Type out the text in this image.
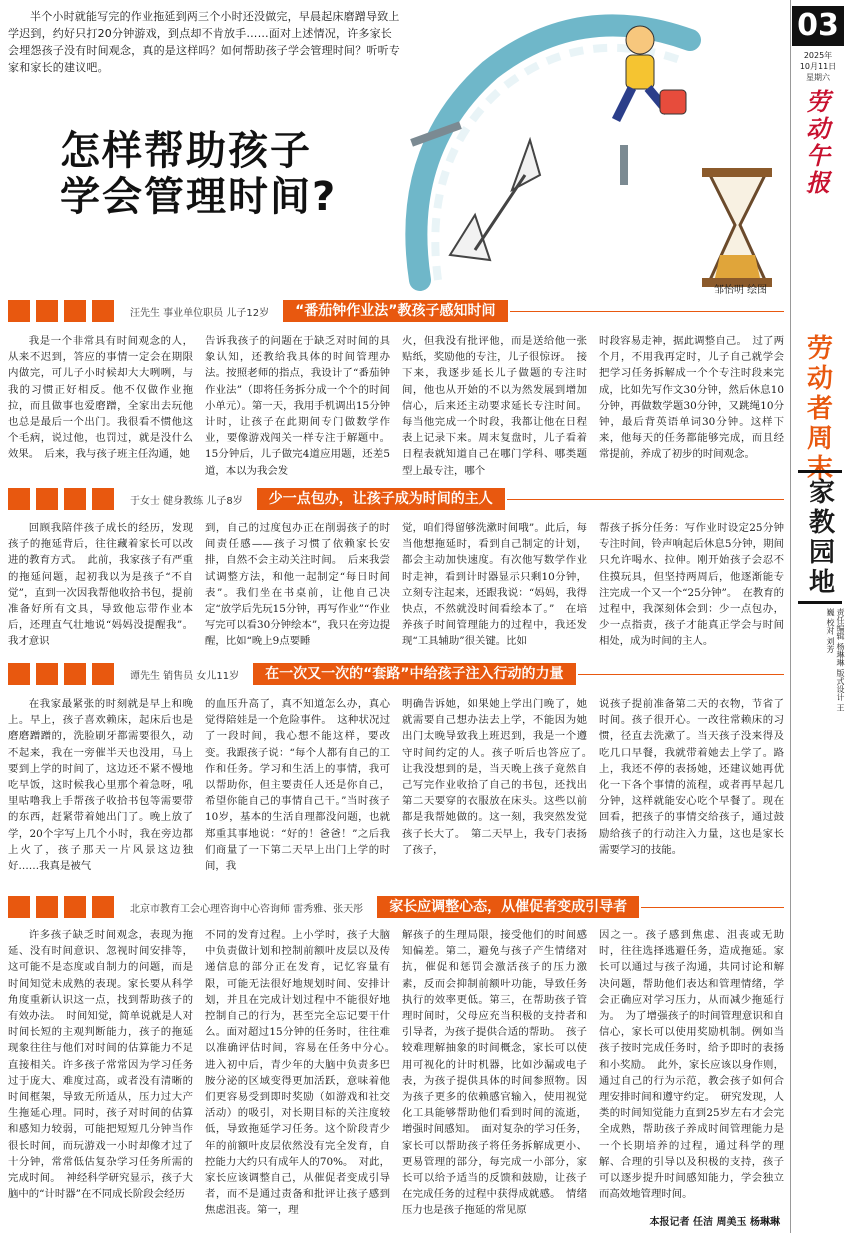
半个小时就能写完的作业拖延到两三个小时还没做完，早晨起床磨蹭导致上学迟到，约好只打20分钟游戏，到点却不肯放手……面对上述情况，许多家长会埋怨孩子没有时间观念，真的是这样吗？如何帮助孩子学会管理时间？听听专家和家长的建议吧。
怎样帮助孩子
学会管理时间?
邹怡明 绘图
03
2025年
10月11日
星期六
劳动午报
劳动者周末
家教园地
责任编辑 杨琳琳 版式设计 王巍 校对 刘芳
汪先生 事业单位职员 儿子12岁	“番茄钟作业法”教孩子感知时间

我是一个非常具有时间观念的人，从来不迟到，答应的事情一定会在期限内做完，可儿子小时候却大大咧咧，与我的习惯正好相反。他不仅做作业拖拉，而且做事也爱磨蹭，全家出去玩他也总是最后一个出门。我很看不惯他这个毛病，说过他，也罚过，就是没什么效果。　后来，我与孩子班主任沟通，她

告诉我孩子的问题在于缺乏对时间的具象认知，还教给我具体的时间管理办法。按照老师的指点，我设计了“番茄钟作业法”（即将任务拆分成一个个的时间小单元）。第一天，我用手机调出15分钟计时，让孩子在此期间专门做数学作业，要像游戏闯关一样专注于解题中。15分钟后，儿子做完4道应用题，还差5道，本以为我会发

火，但我没有批评他，而是送给他一张贴纸，奖励他的专注，儿子很惊讶。　接下来，我逐步延长儿子做题的专注时间，他也从开始的不以为然发展到增加信心，后来还主动要求延长专注时间。每当他完成一个时段，我都让他在日程表上记录下来。周末复盘时，儿子看着日程表就知道自己在哪门学科、哪类题型上最专注，哪个

时段容易走神，据此调整自己。　过了两个月，不用我再定时，儿子自己就学会把学习任务拆解成一个个专注时段来完成，比如先写作文30分钟，然后休息10分钟，再做数学题30分钟，又跳绳10分钟，最后背英语单词30分钟。这样下来，他每天的任务都能够完成，而且经常提前，养成了初步的时间观念。

于女士 健身教练 儿子8岁	少一点包办，让孩子成为时间的主人

回顾我陪伴孩子成长的经历，发现孩子的拖延背后，往往藏着家长可以改进的教育方式。　此前，我家孩子有严重的拖延问题，起初我以为是孩子“不自觉”，直到一次因我帮他收拾书包，提前准备好所有文具，导致他忘带作业本后，还理直气壮地说“妈妈没提醒我”。我才意识

到，自己的过度包办正在削弱孩子的时间责任感——孩子习惯了依赖家长安排，自然不会主动关注时间。　后来我尝试调整方法，和他一起制定“每日时间表”。我们坐在书桌前，让他自己决定“放学后先玩15分钟，再写作业”“作业写完可以看30分钟绘本”，我只在旁边提醒，比如“晚上9点要睡

觉，咱们得留够洗漱时间哦”。此后，每当他想拖延时，看到自己制定的计划，都会主动加快速度。有次他写数学作业时走神，看到计时器显示只剩10分钟，立刻专注起来，还跟我说：“妈妈，我得快点，不然就没时间看绘本了。”　在培养孩子时间管理能力的过程中，我还发现“工具辅助”很关键。比如

帮孩子拆分任务：写作业时设定25分钟专注时间，铃声响起后休息5分钟，期间只允许喝水、拉伸。刚开始孩子会忍不住摸玩具，但坚持两周后，他逐渐能专注完成一个又一个“25分钟”。　在教育的过程中，我深刻体会到：少一点包办，少一点指责，孩子才能真正学会与时间相处，成为时间的主人。

谭先生 销售员 女儿11岁	在一次又一次的“套路”中给孩子注入行动的力量

在我家最紧张的时刻就是早上和晚上。早上，孩子喜欢赖床，起床后也是磨磨蹭蹭的，洗脸刷牙都需要很久，动不起来，我在一旁催半天也没用，马上要到上学的时间了，这边还不紧不慢地吃早饭，这时候我心里那个着急呀，吼里咕噜我上手帮孩子收拾书包等需要带的东西，赶紧带着她出门了。晚上放了学，20个字写上几个小时，我在旁边都上火了，孩子那天一片风景这边独好……我真是被气

的血压升高了，真不知道怎么办，真心觉得陪娃是一个危险事件。　这种状况过了一段时间，我心想不能这样，要改变。我跟孩子说：“每个人都有自己的工作和任务。学习和生活上的事情，我可以帮助你，但主要责任人还是你自己，希望你能自己的事情自己干。”当时孩子10岁，基本的生活自理都没问题，也就郑重其事地说：“好的！爸爸！”之后我们商量了一下第二天早上出门上学的时间，我

明确告诉她，如果她上学出门晚了，她就需要自己想办法去上学，不能因为她出门太晚导致我上班迟到，我是一个遵守时间约定的人。孩子听后也答应了。　让我没想到的是，当天晚上孩子竟然自己写完作业收拾了自己的书包，还找出第二天要穿的衣服放在床头。这些以前都是我帮她做的。这一刻，我突然发觉孩子长大了。　第二天早上，我专门表扬了孩子，

说孩子提前准备第二天的衣物，节省了时间。孩子很开心。一改往常赖床的习惯，径直去洗漱了。当天孩子没来得及吃几口早餐，我就带着她去上学了。路上，我还不停的表扬她，还建议她再优化一下各个事情的流程，或者再早起几分钟，这样就能安心吃个早餐了。现在回看，把孩子的事情交给孩子，通过鼓励给孩子的行动注入力量，这也是家长需要学习的技能。

北京市教育工会心理咨询中心咨询师 雷秀雅、张天彤	家长应调整心态，从催促者变成引导者

许多孩子缺乏时间观念，表现为拖延、没有时间意识、忽视时间安排等，这可能不是态度或自制力的问题，而是时间知觉未成熟的表现。家长要从科学角度重新认识这一点，找到帮助孩子的有效办法。　时间知觉，简单说就是人对时间长短的主观判断能力，孩子的拖延现象往往与他们对时间的估算能力不足直接相关。许多孩子常常因为学习任务过于庞大、难度过高，或者没有清晰的时间框架，导致无所适从，压力过大产生拖延心理。同时，孩子对时间的估算和感知力较弱，可能把短短几分钟当作很长时间，而玩游戏一小时却像才过了十分钟，常常低估复杂学习任务所需的完成时间。　神经科学研究显示，孩子大脑中的“计时器”在不同成长阶段会经历

不同的发育过程。上小学时，孩子大脑中负责做计划和控制前额叶皮层以及传递信息的部分正在发育，记忆容量有限，可能无法很好地规划时间、安排计划，并且在完成计划过程中不能很好地控制自己的行为，甚至完全忘记要干什么。面对超过15分钟的任务时，往往难以准确评估时间，容易在任务中分心。　进入初中后，青少年的大脑中负责多巴胺分泌的区域变得更加活跃，意味着他们更容易受到即时奖励（如游戏和社交活动）的吸引，对长期目标的关注度较低，导致拖延学习任务。这个阶段青少年的前额叶皮层依然没有完全发育，自控能力大约只有成年人的70%。　对此，家长应该调整自己，从催促者变成引导者，而不是通过责备和批评让孩子感到焦虑沮丧。第一，理

解孩子的生理局限，接受他们的时间感知偏差。第二，避免与孩子产生情绪对抗，催促和惩罚会激活孩子的压力激素，反而会抑制前额叶功能，导致任务执行的效率更低。第三，在帮助孩子管理时间时，父母应充当积极的支持者和引导者，为孩子提供合适的帮助。　孩子较难理解抽象的时间概念，家长可以使用可视化的计时机器，比如沙漏或电子表，为孩子提供具体的时间参照物。因为孩子更多的依赖感官输入，使用视觉化工具能够帮助他们看到时间的流逝，增强时间感知。　面对复杂的学习任务，家长可以帮助孩子将任务拆解成更小、更易管理的部分，每完成一小部分，家长可以给予适当的反馈和鼓励，让孩子在完成任务的过程中获得成就感。　情绪压力也是孩子拖延的常见原

因之一。孩子感到焦虑、沮丧或无助时，往往选择逃避任务，造成拖延。家长可以通过与孩子沟通，共同讨论和解决问题，帮助他们表达和管理情绪，学会正确应对学习压力，从而减少拖延行为。　为了增强孩子的时间管理意识和自信心，家长可以使用奖励机制。例如当孩子按时完成任务时，给予即时的表扬和小奖励。　此外，家长应该以身作则，通过自己的行为示范，教会孩子如何合理安排时间和遵守约定。　研究发现，人类的时间知觉能力直到25岁左右才会完全成熟，帮助孩子养成时间管理能力是一个长期培养的过程，通过科学的理解、合理的引导以及积极的支持，孩子可以逐步提升时间感知能力，学会独立而高效地管理时间。

本报记者 任洁 周美玉 杨琳琳
